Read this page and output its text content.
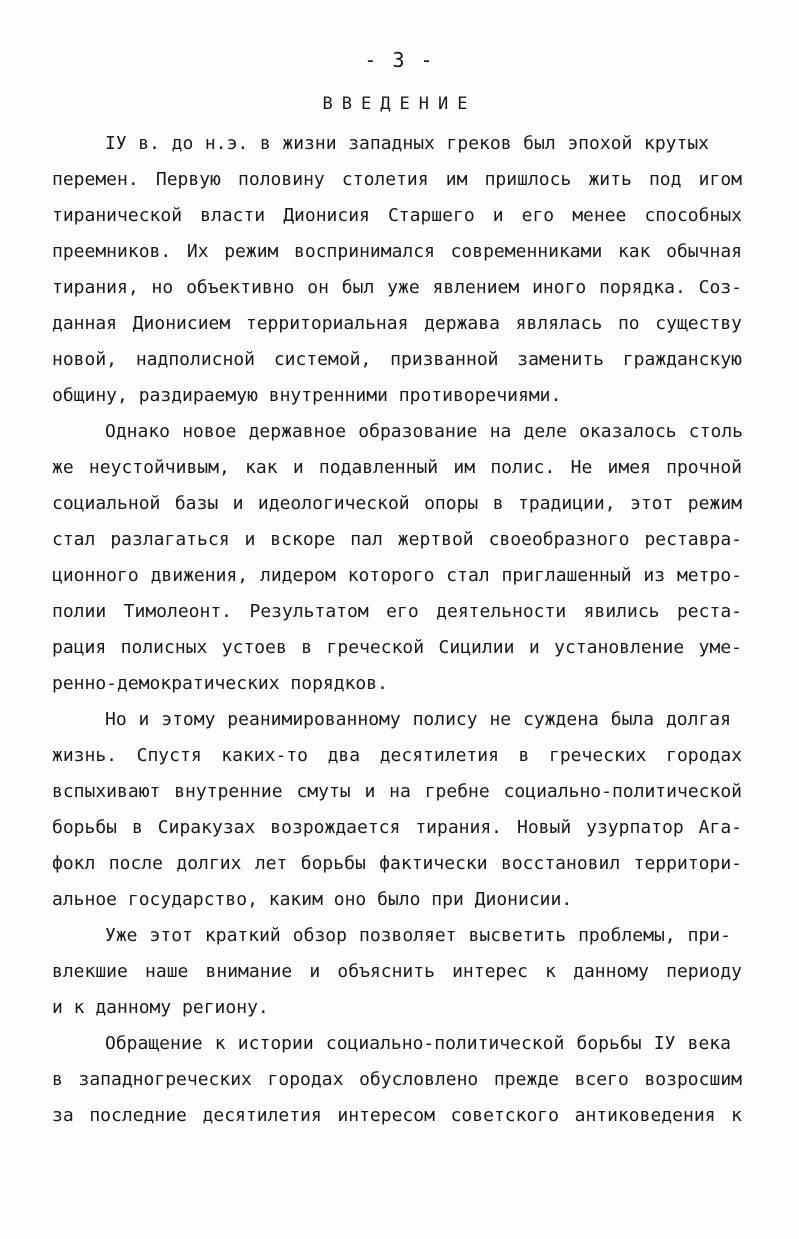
- 3 -
ВВЕДЕНИЕ
IУ в. до н.э. в жизни западных греков был эпохой крутых
перемен. Первую половину столетия им пришлось жить под игом
тиранической власти Дионисия Старшего и его менее способных
преемников. Их режим воспринимался современниками как обычная
тирания, но объективно он был уже явлением иного порядка. Соз-
данная Дионисием территориальная держава являлась по существу
новой, надполисной системой, призванной заменить гражданскую
общину, раздираемую внутренними противоречиями.
Однако новое державное образование на деле оказалось столь
же неустойчивым, как и подавленный им полис. Не имея прочной
социальной базы и идеологической опоры в традиции, этот режим
стал разлагаться и вскоре пал жертвой своеобразного реставра-
ционного движения, лидером которого стал приглашенный из метро-
полии Тимолеонт. Результатом его деятельности явились реста-
рация полисных устоев в греческой Сицилии и установление уме-
ренно-демократических порядков.
Но и этому реанимированному полису не суждена была долгая
жизнь. Спустя каких-то два десятилетия в греческих городах
вспыхивают внутренние смуты и на гребне социально-политической
борьбы в Сиракузах возрождается тирания. Новый узурпатор Ага-
фокл после долгих лет борьбы фактически восстановил территори-
альное государство, каким оно было при Дионисии.
Уже этот краткий обзор позволяет высветить проблемы, при-
влекшие наше внимание и объяснить интерес к данному периоду
и к данному региону.
Обращение к истории социально-политической борьбы IУ века
в западногреческих городах обусловлено прежде всего возросшим
за последние десятилетия интересом советского антиковедения к
